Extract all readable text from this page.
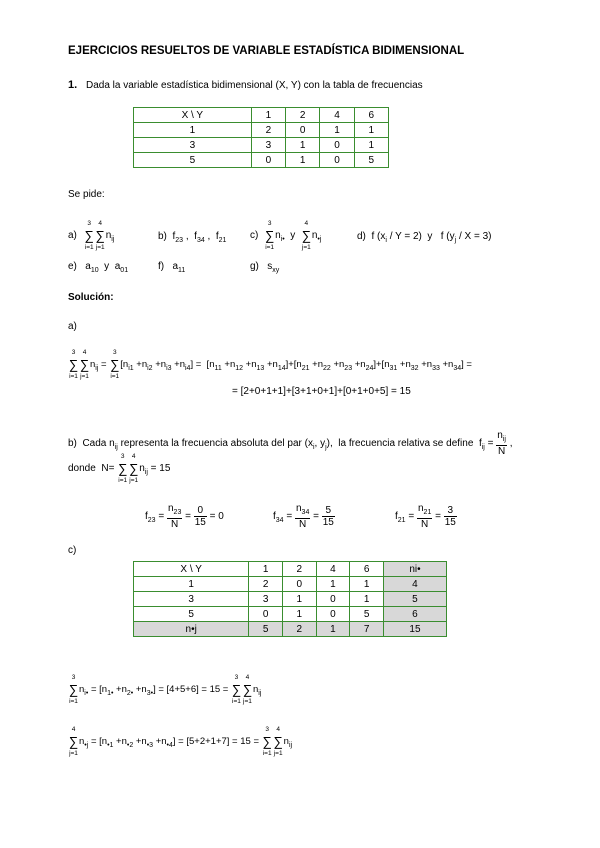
EJERCICIOS RESUELTOS DE VARIABLE ESTADÍSTICA BIDIMENSIONAL
1. Dada la variable estadística bidimensional (X, Y) con la tabla de frecuencias
X \ Y	1	2	4	6
1	2	0	1	1
3	3	1	0	1
5	0	1	0	5
Se pide:
a) ∑
3
i=1
∑
4
j=1
$n_{ij}$	b)  $f_{23}$ ,  $f_{34}$ ,  $f_{21}$ c) ∑
3
i=1
$n_{i•}$  y  ∑
4
j=1
$n_{•j}$	d)  f $(x_i / Y = 2)$  y   f $(y_j / X = 3)$
e)   $a_{10}$  y  $a_{01}$	f)   $a_{11}$	g)   $s_{xy}$
Solución:
a)
∑
3
i=1
∑
4
j=1
$n_{ij}$ = ∑
3
i=1
$[n_{i1} +n_{i2} +n_{i3} +n_{i4}] = [n_{11} +n_{12} +n_{13} +n_{14}]+[n_{21} +n_{22} +n_{23} +n_{24}]+[n_{31} +n_{32} +n_{33} +n_{34}]$ =
= [2+0+1+1]+[3+1+0+1]+[0+1+0+5] = 15
b)  Cada $n_{ij}$ representa la frecuencia absoluta del par ($x_i$, $y_j$),  la frecuencia relativa se define  $f_{ij} = \frac{n_{ij}}{N}$ ,
donde  N= ∑
3
i=1
∑
4
j=1
$n_{ij} = 15$
$f_{23} = \frac{n_{23}}{N} = \frac{0}{15} = 0$	$f_{34} = \frac{n_{34}}{N} = \frac{5}{15}$	$f_{21} = \frac{n_{21}}{N} = \frac{3}{15}$
c)
X \ Y	1	2	4	6	ni•
1	2	0	1	1	4
3	3	1	0	1	5
5	0	1	0	5	6
n•j	5	2	1	7	15
∑
3
i=1
$n_{i•} = [n_{1•} +n_{2•} +n_{3•}] = [4+5+6] = 15$ = ∑
3
i=1
∑
4
j=1
$n_{ij}$
∑
4
j=1
$n_{•j} = [n_{•1} +n_{•2} +n_{•3} +n_{•4}] = [5+2+1+7] = 15$ = ∑
3
i=1
∑
4
j=1
$n_{ij}$
